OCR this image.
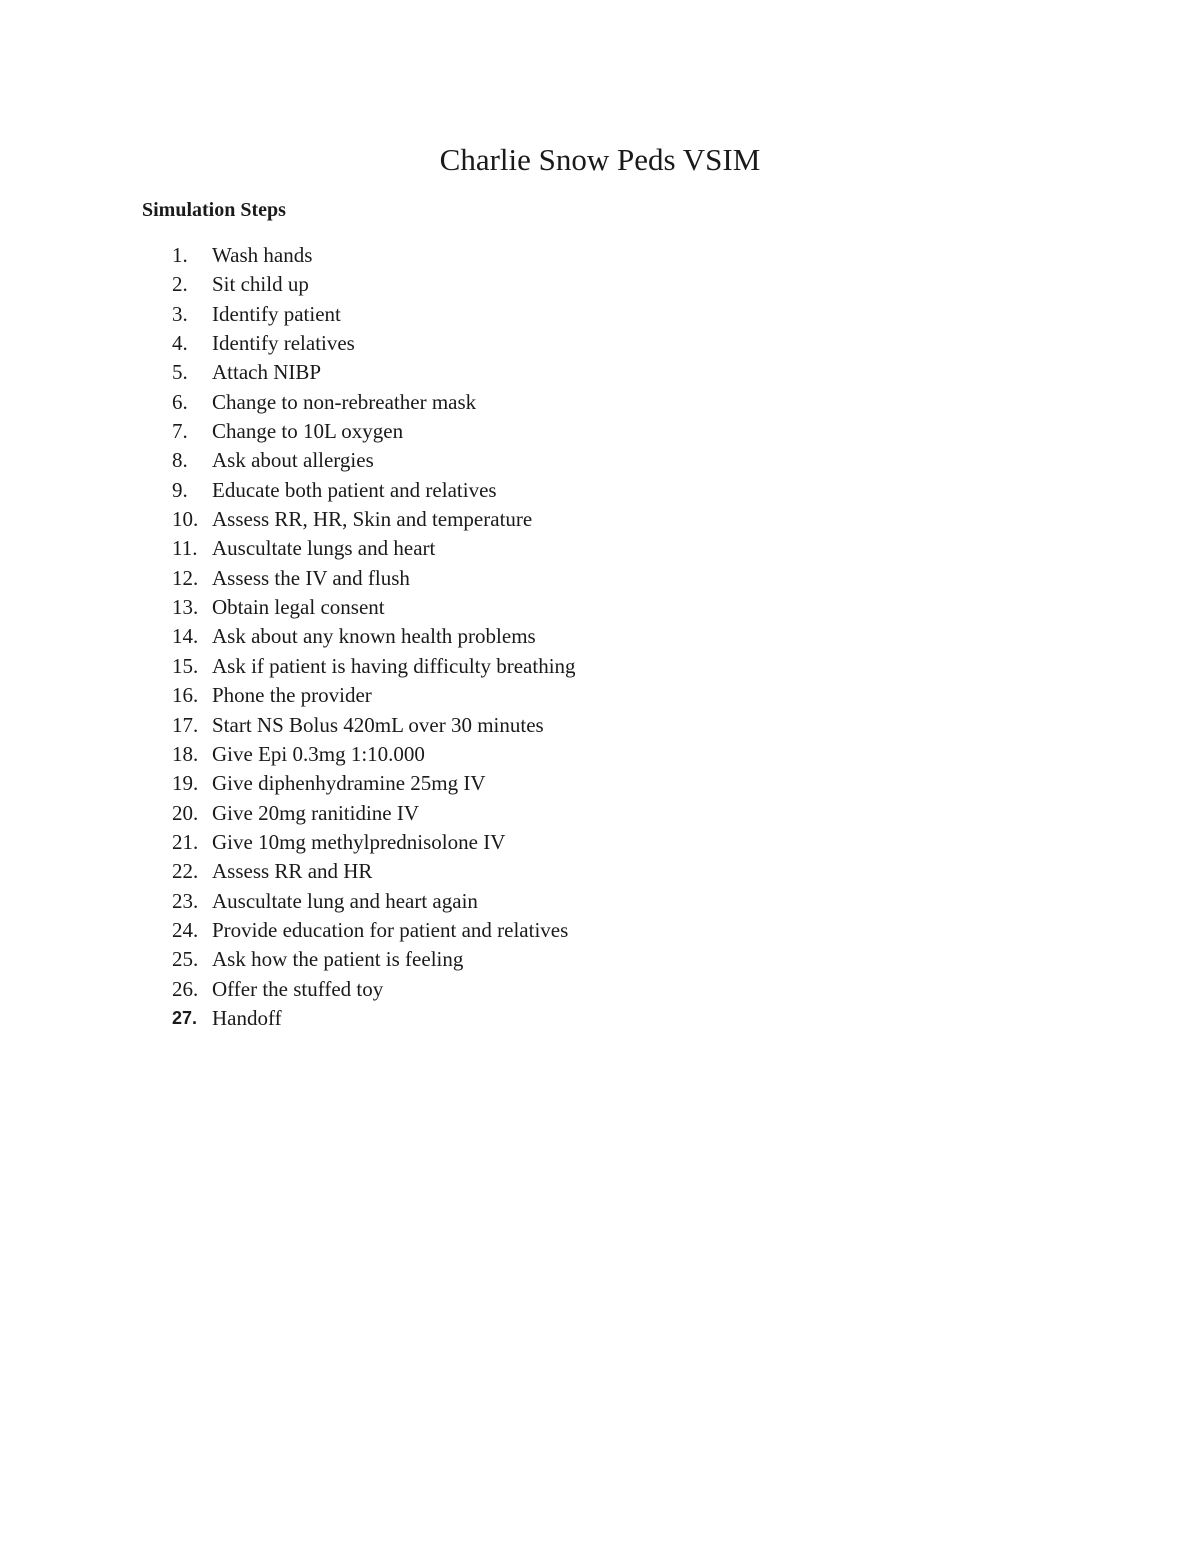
Charlie Snow Peds VSIM
Simulation Steps
1.	Wash hands
2.	Sit child up
3.	Identify patient
4.	Identify relatives
5.	Attach NIBP
6.	Change to non-rebreather mask
7.	Change to 10L oxygen
8.	Ask about allergies
9.	Educate both patient and relatives
10. Assess RR, HR, Skin and temperature
11. Auscultate lungs and heart
12. Assess the IV and flush
13. Obtain legal consent
14. Ask about any known health problems
15. Ask if patient is having difficulty breathing
16. Phone the provider
17. Start NS Bolus 420mL over 30 minutes
18. Give Epi 0.3mg 1:10.000
19. Give diphenhydramine 25mg IV
20. Give 20mg ranitidine IV
21. Give 10mg methylprednisolone IV
22. Assess RR and HR
23. Auscultate lung and heart again
24. Provide education for patient and relatives
25. Ask how the patient is feeling
26. Offer the stuffed toy
27. Handoff
